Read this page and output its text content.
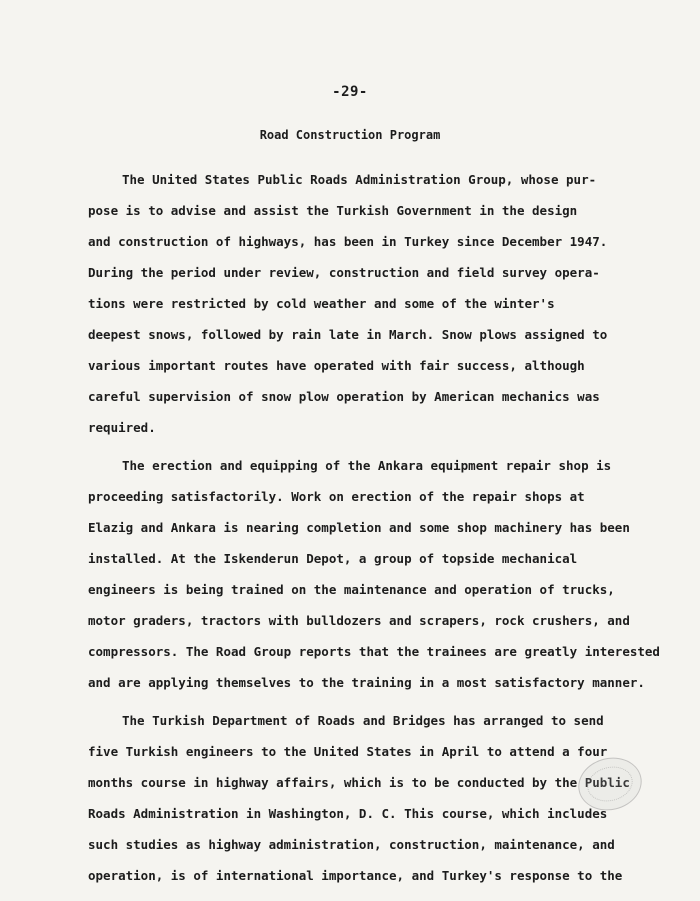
-29-
Road Construction Program
The United States Public Roads Administration Group, whose pur-
pose is to advise and assist the Turkish Government in the design
and construction of highways, has been in Turkey since December 1947.
During the period under review, construction and field survey opera-
tions were restricted by cold weather and some of the winter's
deepest snows, followed by rain late in March. Snow plows assigned to
various important routes have operated with fair success, although
careful supervision of snow plow operation by American mechanics was
required.
The erection and equipping of the Ankara equipment repair shop is
proceeding satisfactorily. Work on erection of the repair shops at
Elazig and Ankara is nearing completion and some shop machinery has been
installed. At the Iskenderun Depot, a group of topside mechanical
engineers is being trained on the maintenance and operation of trucks,
motor graders, tractors with bulldozers and scrapers, rock crushers, and
compressors. The Road Group reports that the trainees are greatly interested
and are applying themselves to the training in a most satisfactory manner.
The Turkish Department of Roads and Bridges has arranged to send
five Turkish engineers to the United States in April to attend a four
months course in highway affairs, which is to be conducted by the Public
Roads Administration in Washington, D. C. This course, which includes
such studies as highway administration, construction, maintenance, and
operation, is of international importance, and Turkey's response to the
